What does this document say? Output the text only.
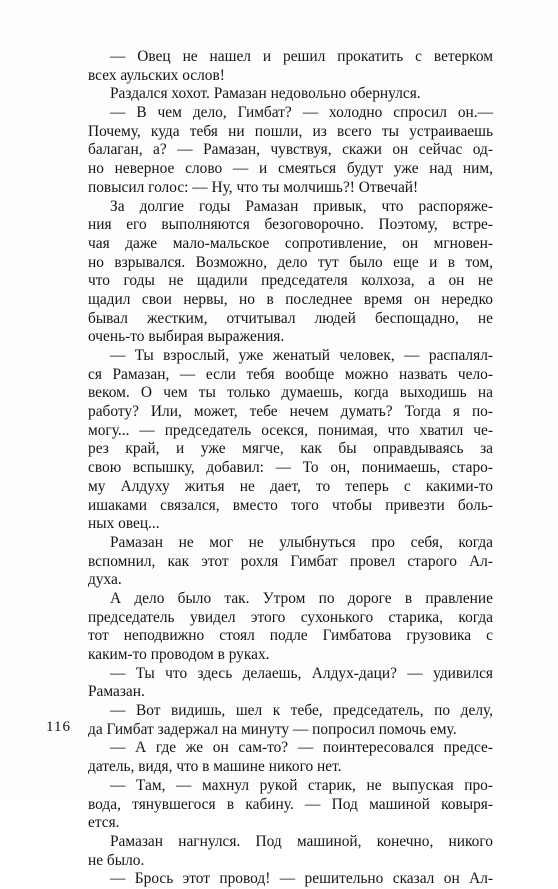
— Овец не нашел и решил прокатить с ветерком
всех аульских ослов!
Раздался хохот. Рамазан недовольно обернулся.
— В чем дело, Гимбат? — холодно спросил он.—
Почему, куда тебя ни пошли, из всего ты устраиваешь
балаган, а? — Рамазан, чувствуя, скажи он сейчас од-
но неверное слово — и смеяться будут уже над ним,
повысил голос: — Ну, что ты молчишь?! Отвечай!
За долгие годы Рамазан привык, что распоряже-
ния его выполняются безоговорочно. Поэтому, встре-
чая даже мало-мальское сопротивление, он мгновен-
но взрывался. Возможно, дело тут было еще и в том,
что годы не щадили председателя колхоза, а он не
щадил свои нервы, но в последнее время он нередко
бывал жестким, отчитывал людей беспощадно, не
очень-то выбирая выражения.
— Ты взрослый, уже женатый человек, — распалял-
ся Рамазан, — если тебя вообще можно назвать чело-
веком. О чем ты только думаешь, когда выходишь на
работу? Или, может, тебе нечем думать? Тогда я по-
могу... — председатель осекся, понимая, что хватил че-
рез край, и уже мягче, как бы оправдываясь за
свою вспышку, добавил: — То он, понимаешь, старо-
му Алдуху житья не дает, то теперь с какими-то
ишакам‌и связался, вместо того чтобы привезти боль-
ных овец...
Рамазан не мог не улыбнуться про себя, когда
вспомнил, как этот рохля Гимбат провел старого Ал-
духа.
А дело было так. Утром по дороге в правление
председатель увидел этого сухонького старика, когда
тот неподвижно стоял подле Гимбатова грузовика с
каким-то проводом в руках.
— Ты что здесь делаешь, Алдух-даци? — удивился
Рамазан.
— Вот видишь, шел к тебе, председатель, по делу,
да Гимбат задержал на минуту — попросил помочь ему.
— А где же он сам-то? — поинтересовался предсе-
датель, видя, что в машине никого нет.
— Там, — махнул рукой старик, не выпуская про-
вода, тянувшегося в кабину. — Под машиной ковыря-
ется.
Рамазан нагнулся. Под машиной, конечно, никого
не было.
— Брось этот провод! — решительно сказал он Ал-
116
